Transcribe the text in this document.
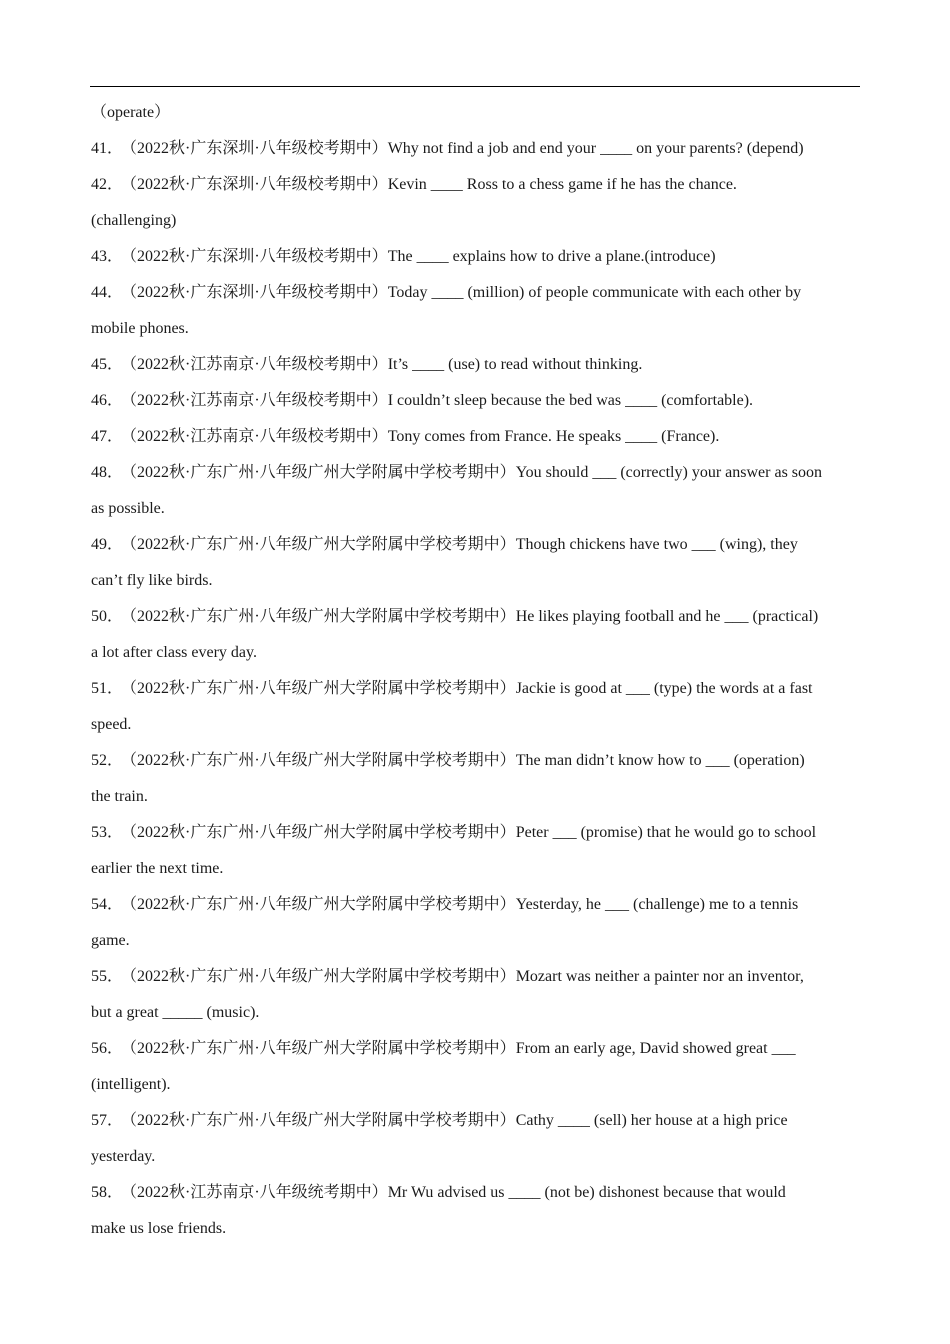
（operate）
41． （2022秋·广东深圳·八年级校考期中）Why not find a job and end your ____ on your parents? (depend)
42． （2022秋·广东深圳·八年级校考期中）Kevin ____ Ross to a chess game if he has the chance.
(challenging)
43． （2022秋·广东深圳·八年级校考期中）The ____ explains how to drive a plane.(introduce)
44． （2022秋·广东深圳·八年级校考期中）Today ____ (million) of people communicate with each other by
mobile phones.
45． （2022秋·江苏南京·八年级校考期中）It’s ____ (use) to read without thinking.
46． （2022秋·江苏南京·八年级校考期中）I couldn’t sleep because the bed was ____ (comfortable).
47． （2022秋·江苏南京·八年级校考期中）Tony comes from France. He speaks ____ (France).
48． （2022秋·广东广州·八年级广州大学附属中学校考期中）You should ___ (correctly) your answer as soon
as possible.
49． （2022秋·广东广州·八年级广州大学附属中学校考期中）Though chickens have two ___ (wing), they
can’t fly like birds.
50． （2022秋·广东广州·八年级广州大学附属中学校考期中）He likes playing football and he ___ (practical)
a lot after class every day.
51． （2022秋·广东广州·八年级广州大学附属中学校考期中）Jackie is good at ___ (type) the words at a fast
speed.
52． （2022秋·广东广州·八年级广州大学附属中学校考期中）The man didn’t know how to ___ (operation)
the train.
53． （2022秋·广东广州·八年级广州大学附属中学校考期中）Peter ___ (promise) that he would go to school
earlier the next time.
54． （2022秋·广东广州·八年级广州大学附属中学校考期中）Yesterday, he ___ (challenge) me to a tennis
game.
55． （2022秋·广东广州·八年级广州大学附属中学校考期中）Mozart was neither a painter nor an inventor,
but a great _____ (music).
56． （2022秋·广东广州·八年级广州大学附属中学校考期中）From an early age, David showed great ___
(intelligent).
57． （2022秋·广东广州·八年级广州大学附属中学校考期中）Cathy ____ (sell) her house at a high price
yesterday.
58． （2022秋·江苏南京·八年级统考期中）Mr Wu advised us ____ (not be) dishonest because that would
make us lose friends.
